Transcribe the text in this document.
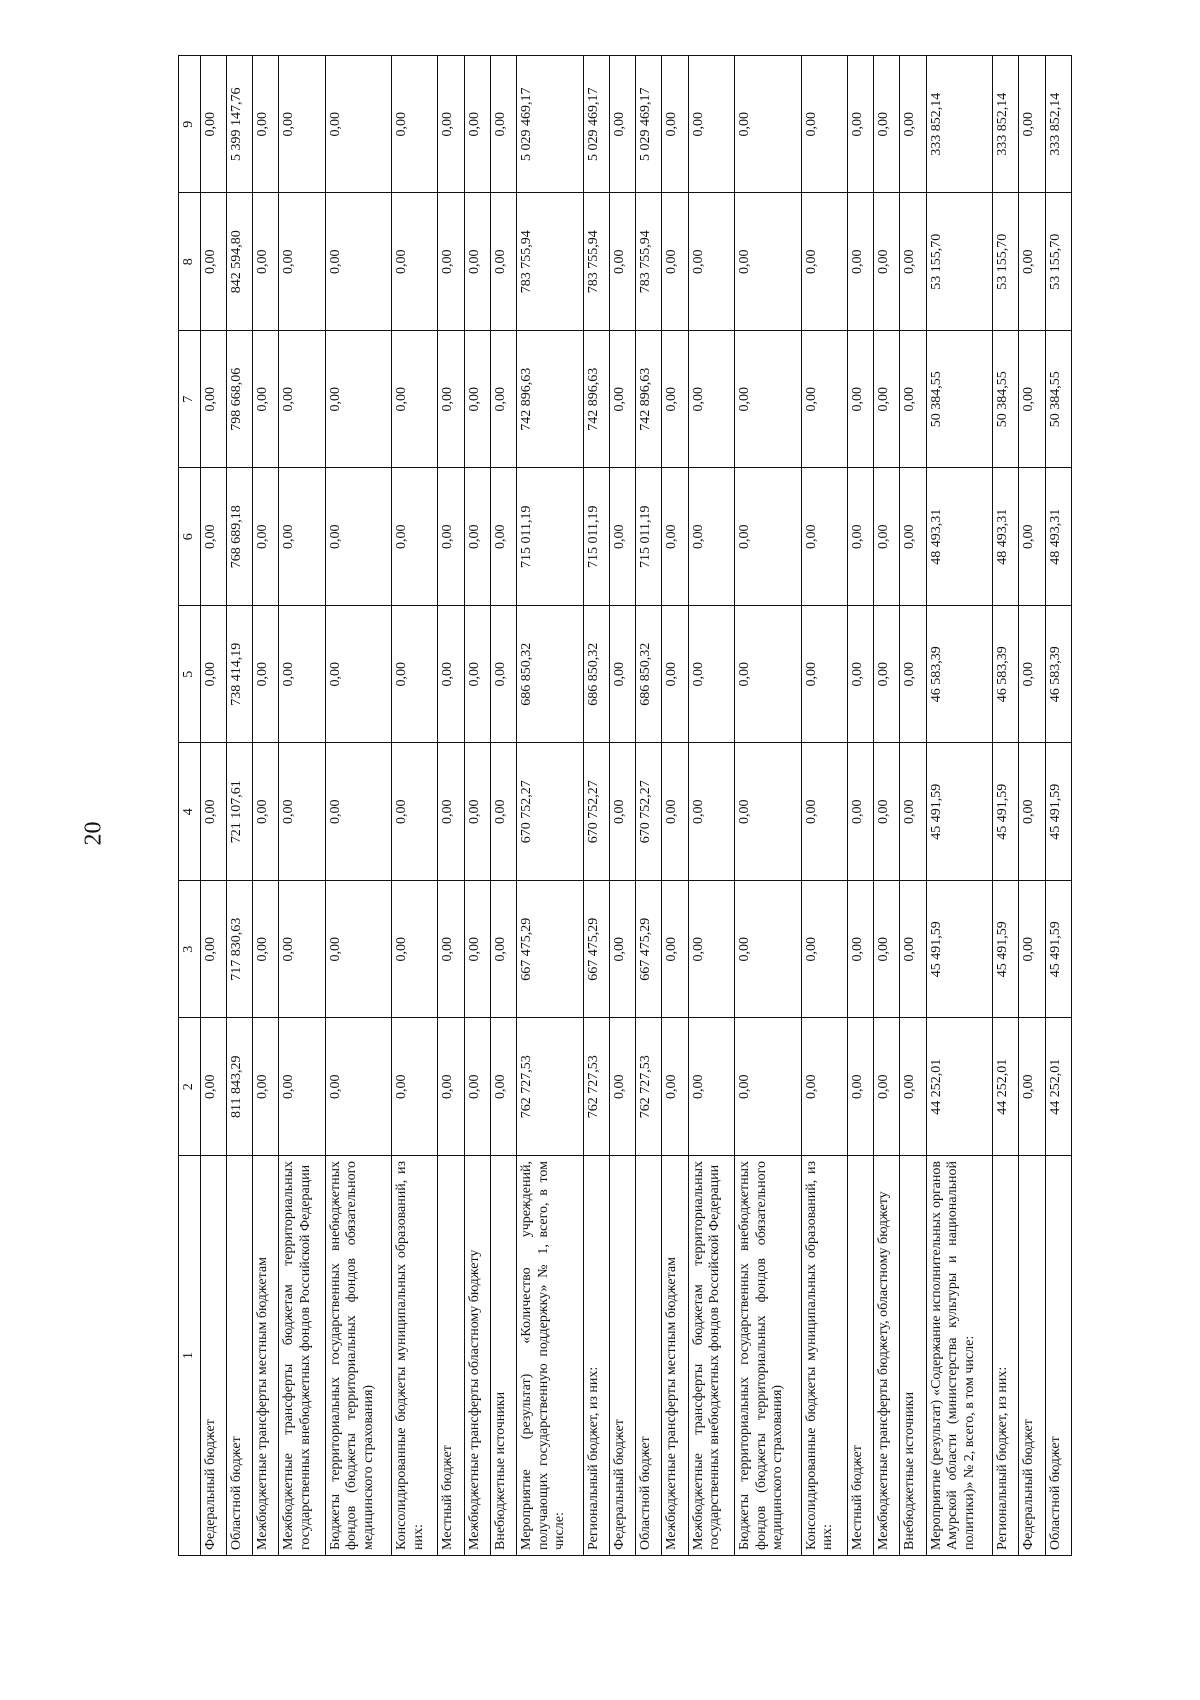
20
1	2	3	4	5	6	7	8	9
Федеральный бюджет	0,00	0,00	0,00	0,00	0,00	0,00	0,00	0,00
Областной бюджет	811 843,29	717 830,63	721 107,61	738 414,19	768 689,18	798 668,06	842 594,80	5 399 147,76
Межбюджетные трансферты местным бюджетам	0,00	0,00	0,00	0,00	0,00	0,00	0,00	0,00
Межбюджетные трансферты бюджетам территориальных государственных внебюджетных фондов Российской Федерации	0,00	0,00	0,00	0,00	0,00	0,00	0,00	0,00
Бюджеты территориальных государственных внебюджетных фондов (бюджеты территориальных фондов обязательного медицинского страхования)	0,00	0,00	0,00	0,00	0,00	0,00	0,00	0,00
Консолидированные бюджеты муниципальных образований, из них:	0,00	0,00	0,00	0,00	0,00	0,00	0,00	0,00
Местный бюджет	0,00	0,00	0,00	0,00	0,00	0,00	0,00	0,00
Межбюджетные трансферты областному бюджету	0,00	0,00	0,00	0,00	0,00	0,00	0,00	0,00
Внебюджетные источники	0,00	0,00	0,00	0,00	0,00	0,00	0,00	0,00
Мероприятие (результат) «Количество учреждений, получающих государственную поддержку» № 1, всего, в том числе:	762 727,53	667 475,29	670 752,27	686 850,32	715 011,19	742 896,63	783 755,94	5 029 469,17
Региональный бюджет, из них:	762 727,53	667 475,29	670 752,27	686 850,32	715 011,19	742 896,63	783 755,94	5 029 469,17
Федеральный бюджет	0,00	0,00	0,00	0,00	0,00	0,00	0,00	0,00
Областной бюджет	762 727,53	667 475,29	670 752,27	686 850,32	715 011,19	742 896,63	783 755,94	5 029 469,17
Межбюджетные трансферты местным бюджетам	0,00	0,00	0,00	0,00	0,00	0,00	0,00	0,00
Межбюджетные трансферты бюджетам территориальных государственных внебюджетных фондов Российской Федерации	0,00	0,00	0,00	0,00	0,00	0,00	0,00	0,00
Бюджеты территориальных государственных внебюджетных фондов (бюджеты территориальных фондов обязательного медицинского страхования)	0,00	0,00	0,00	0,00	0,00	0,00	0,00	0,00
Консолидированные бюджеты муниципальных образований, из них:	0,00	0,00	0,00	0,00	0,00	0,00	0,00	0,00
Местный бюджет	0,00	0,00	0,00	0,00	0,00	0,00	0,00	0,00
Межбюджетные трансферты бюджету, областному бюджету	0,00	0,00	0,00	0,00	0,00	0,00	0,00	0,00
Внебюджетные источники	0,00	0,00	0,00	0,00	0,00	0,00	0,00	0,00
Мероприятие (результат) «Содержание исполнительных органов Амурской области (министерства культуры и национальной политики)» № 2, всего, в том числе:	44 252,01	45 491,59	45 491,59	46 583,39	48 493,31	50 384,55	53 155,70	333 852,14
Региональный бюджет, из них:	44 252,01	45 491,59	45 491,59	46 583,39	48 493,31	50 384,55	53 155,70	333 852,14
Федеральный бюджет	0,00	0,00	0,00	0,00	0,00	0,00	0,00	0,00
Областной бюджет	44 252,01	45 491,59	45 491,59	46 583,39	48 493,31	50 384,55	53 155,70	333 852,14
